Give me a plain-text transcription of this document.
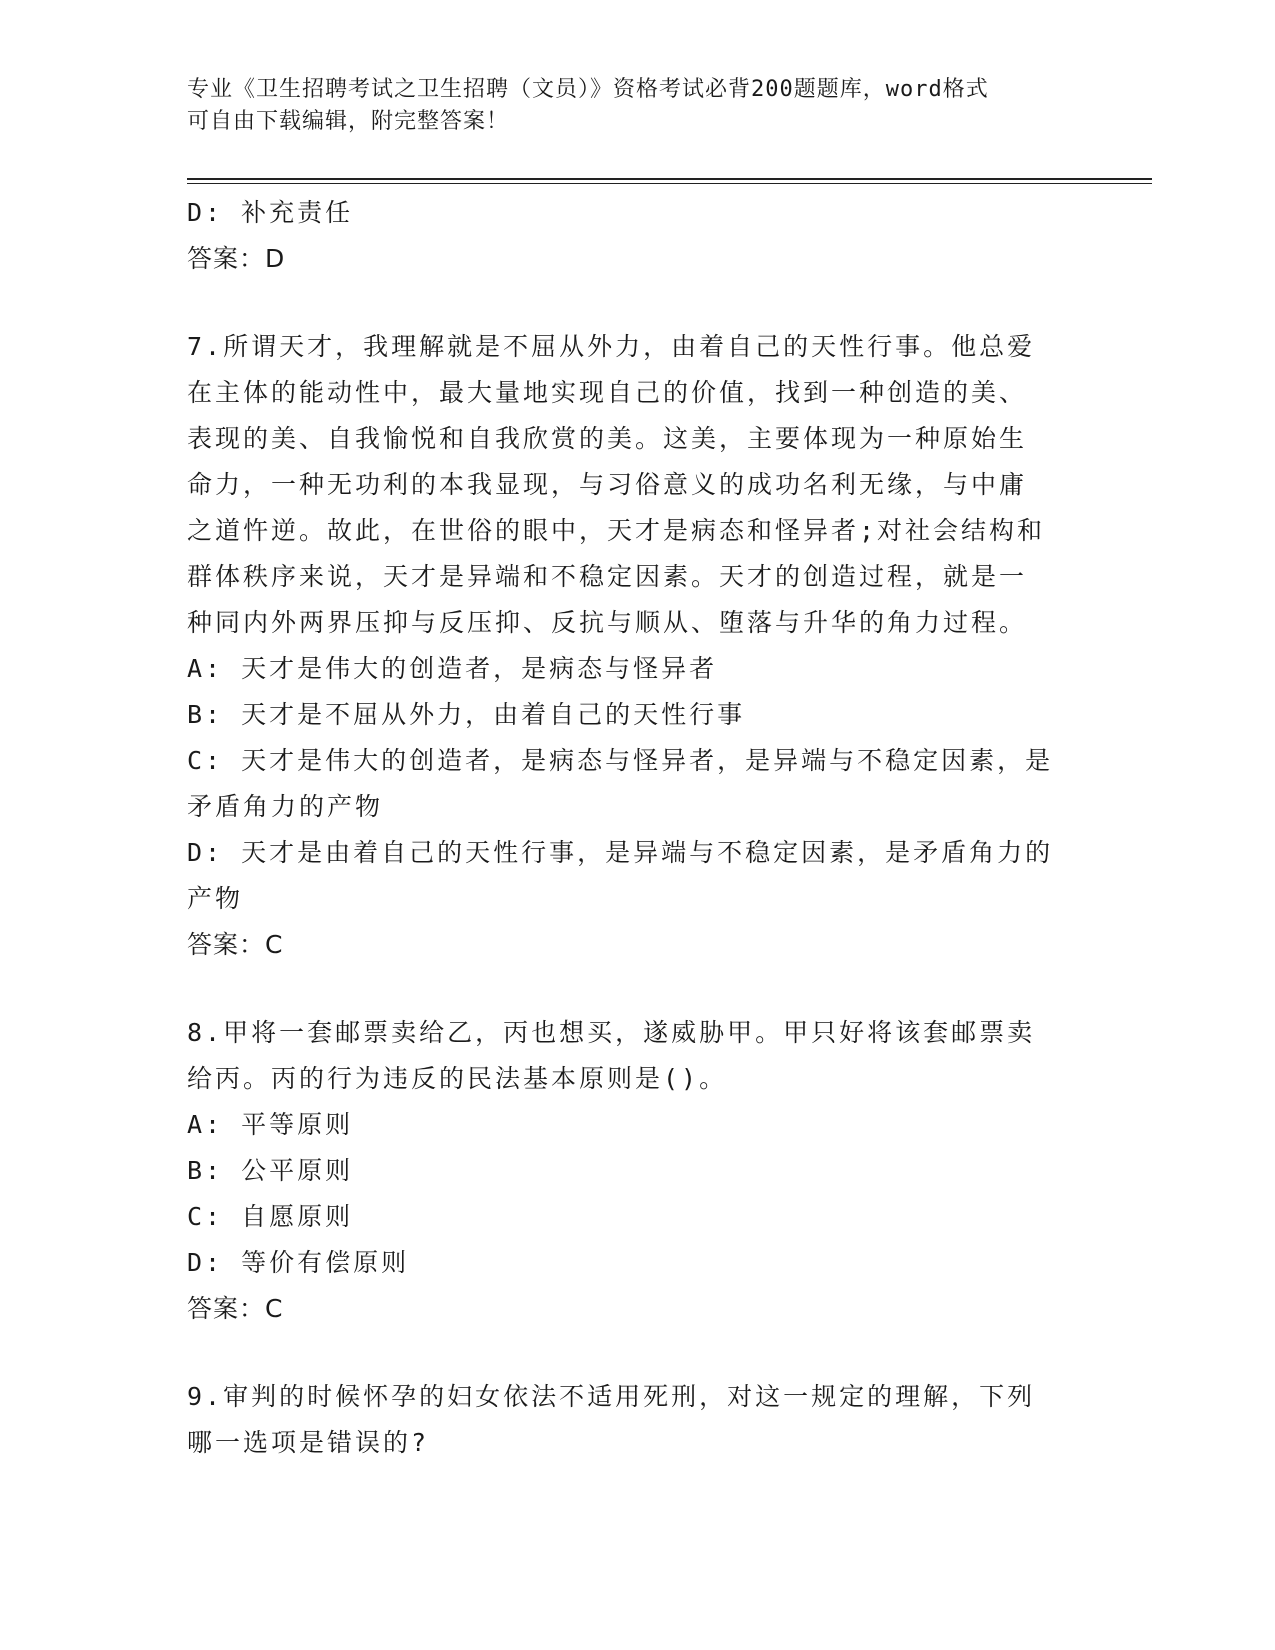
专业《卫生招聘考试之卫生招聘（文员）》资格考试必背200题题库，word格式
可自由下载编辑，附完整答案！
D: 补充责任
答案：D
7.所谓天才，我理解就是不屈从外力，由着自己的天性行事。他总爱
在主体的能动性中，最大量地实现自己的价值，找到一种创造的美、
表现的美、自我愉悦和自我欣赏的美。这美，主要体现为一种原始生
命力，一种无功利的本我显现，与习俗意义的成功名利无缘，与中庸
之道忤逆。故此，在世俗的眼中，天才是病态和怪异者;对社会结构和
群体秩序来说，天才是异端和不稳定因素。天才的创造过程，就是一
种同内外两界压抑与反压抑、反抗与顺从、堕落与升华的角力过程。
A: 天才是伟大的创造者，是病态与怪异者
B: 天才是不屈从外力，由着自己的天性行事
C: 天才是伟大的创造者，是病态与怪异者，是异端与不稳定因素，是
矛盾角力的产物
D: 天才是由着自己的天性行事，是异端与不稳定因素，是矛盾角力的
产物
答案：C
8.甲将一套邮票卖给乙，丙也想买，遂威胁甲。甲只好将该套邮票卖
给丙。丙的行为违反的民法基本原则是()。
A: 平等原则
B: 公平原则
C: 自愿原则
D: 等价有偿原则
答案：C
9.审判的时候怀孕的妇女依法不适用死刑，对这一规定的理解，下列
哪一选项是错误的?
